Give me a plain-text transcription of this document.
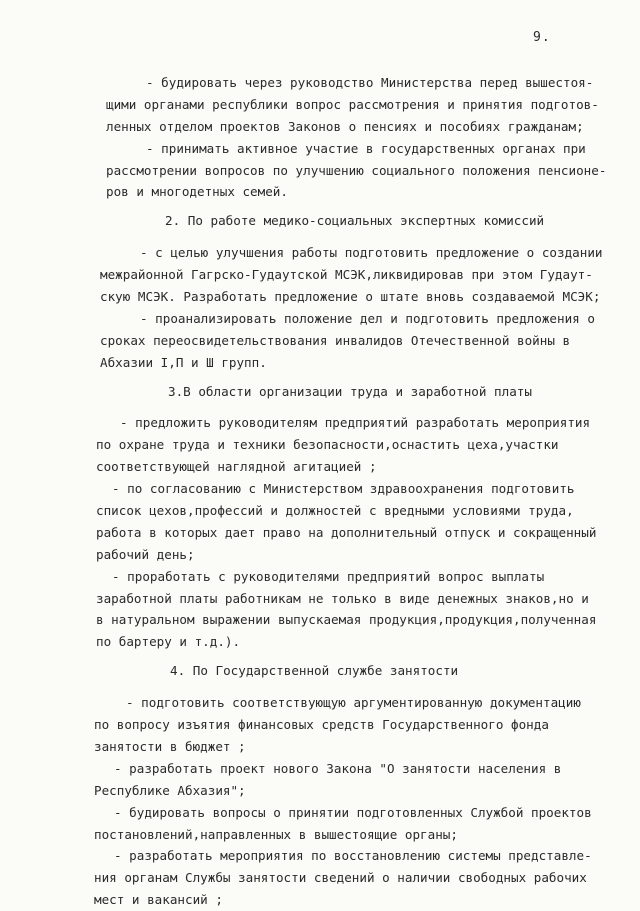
9.
- будировать через руководство Министерства перед вышестоя-
щими органами республики вопрос рассмотрения и принятия подготов-
ленных отделом проектов Законов о пенсиях и пособиях гражданам;
- принимать активное участие в государственных органах при
рассмотрении вопросов по улучшению социального положения пенсионе-
ров и многодетных семей.
2. По работе медико-социальных экспертных комиссий
- с целью улучшения работы подготовить предложение о создании
межрайонной Гагрско-Гудаутской МСЭК,ликвидировав при этом Гудаут-
скую МСЭК. Разработать предложение о штате вновь создаваемой МСЭК;
- проанализировать положение дел и подготовить предложения о
сроках переосвидетельствования инвалидов Отечественной войны в
Абхазии I,П и Ш групп.
3.В области организации труда и заработной платы
- предложить руководителям предприятий разработать мероприятия
по охране труда и техники безопасности,оснастить цеха,участки
соответствующей наглядной агитацией ;
- по согласованию с Министерством здравоохранения подготовить
список цехов,профессий и должностей с вредными условиями труда,
работа в которых дает право на дополнительный отпуск и сокращенный
рабочий день;
- проработать с руководителями предприятий вопрос выплаты
заработной платы работникам не только в виде денежных знаков,но и
в натуральном выражении выпускаемая продукция,продукция,полученная
по бартеру и т.д.).
4. По Государственной службе занятости
- подготовить соответствующую аргументированную документацию
по вопросу изъятия финансовых средств Государственного фонда
занятости в бюджет ;
- разработать проект нового Закона "О занятости населения в
Республике Абхазия";
- будировать вопросы о принятии подготовленных Службой проектов
постановлений,направленных в вышестоящие органы;
- разработать мероприятия по восстановлению системы представле-
ния органам Службы занятости сведений о наличии свободных рабочих
мест и вакансий ;
